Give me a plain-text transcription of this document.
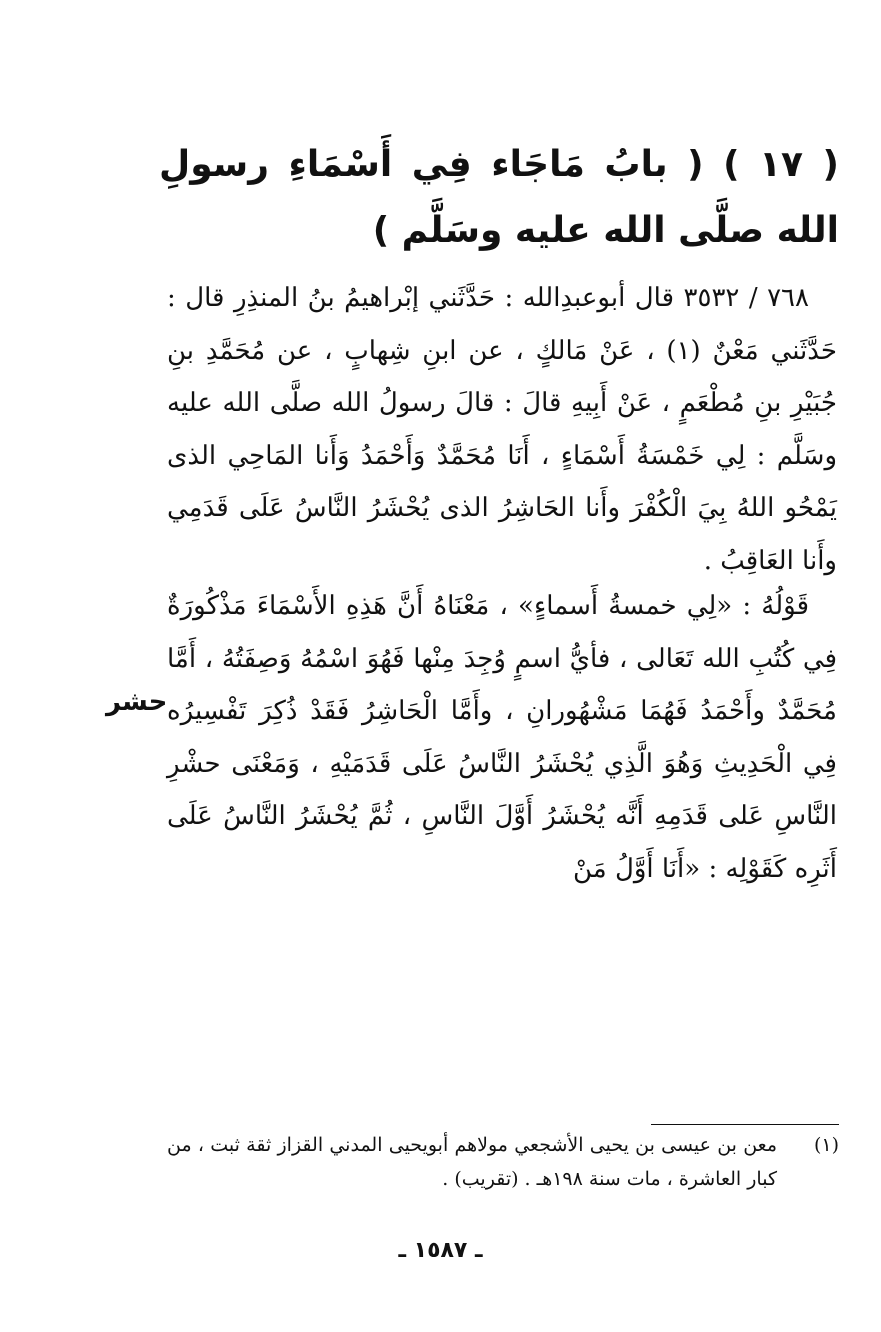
( ١٧ ) ( بابُ مَاجَاء فِي أَسْمَاءِ رسولِ الله صلَّى الله عليه وسَلَّم )

٧٦٨ / ٣٥٣٢ قال أبوعبدِالله : حَدَّثَني إبْراهيمُ بنُ المنذِرِ قال : حَدَّثَني مَعْنٌ (١) ، عَنْ مَالكٍ ، عن ابنِ شِهابٍ ، عن مُحَمَّدِ بنِ جُبَيْرِ بنِ مُطْعَمٍ ، عَنْ أَبِيهِ قالَ : قالَ رسولُ الله صلَّى الله عليه وسَلَّم : لِي خَمْسَةُ أَسْمَاءٍ ، أَنَا مُحَمَّدٌ وَأَحْمَدُ وَأَنا المَاحِي الذى يَمْحُو اللهُ بِيَ الْكُفْرَ وأَنا الحَاشِرُ الذى يُحْشَرُ النَّاسُ عَلَى قَدَمِي وأَنا العَاقِبُ .

قَوْلُهُ : «لِي خمسةُ أَسماءٍ» ، مَعْنَاهُ أَنَّ هَذِهِ الأَسْمَاءَ مَذْكُورَةٌ فِي كُتُبِ الله تَعَالى ، فأيُّ اسمٍ وُجِدَ مِنْها فَهُوَ اسْمُهُ وَصِفَتُهُ ، أَمَّا مُحَمَّدٌ وأَحْمَدُ فَهُمَا مَشْهُورانِ ، وأَمَّا الْحَاشِرُ فَقَدْ ذُكِرَ تَفْسِيرُه فِي الْحَدِيثِ وَهُوَ الَّذِي يُحْشَرُ النَّاسُ عَلَى قَدَمَيْهِ ، وَمَعْنَى حشْرِ النَّاسِ عَلى قَدَمِهِ أَنَّه يُحْشَرُ أَوَّلَ النَّاسِ ، ثُمَّ يُحْشَرُ النَّاسُ عَلَى أَثَرِه كَقَوْلِه : «أَنَا أَوَّلُ مَنْ

حشر
(١)
معن بن عيسى بن يحيى الأشجعي مولاهم أبويحيى المدني القزاز ثقة ثبت ، من كبار العاشرة ، مات سنة ١٩٨هـ . (تقريب) .
ـ ١٥٨٧ ـ
